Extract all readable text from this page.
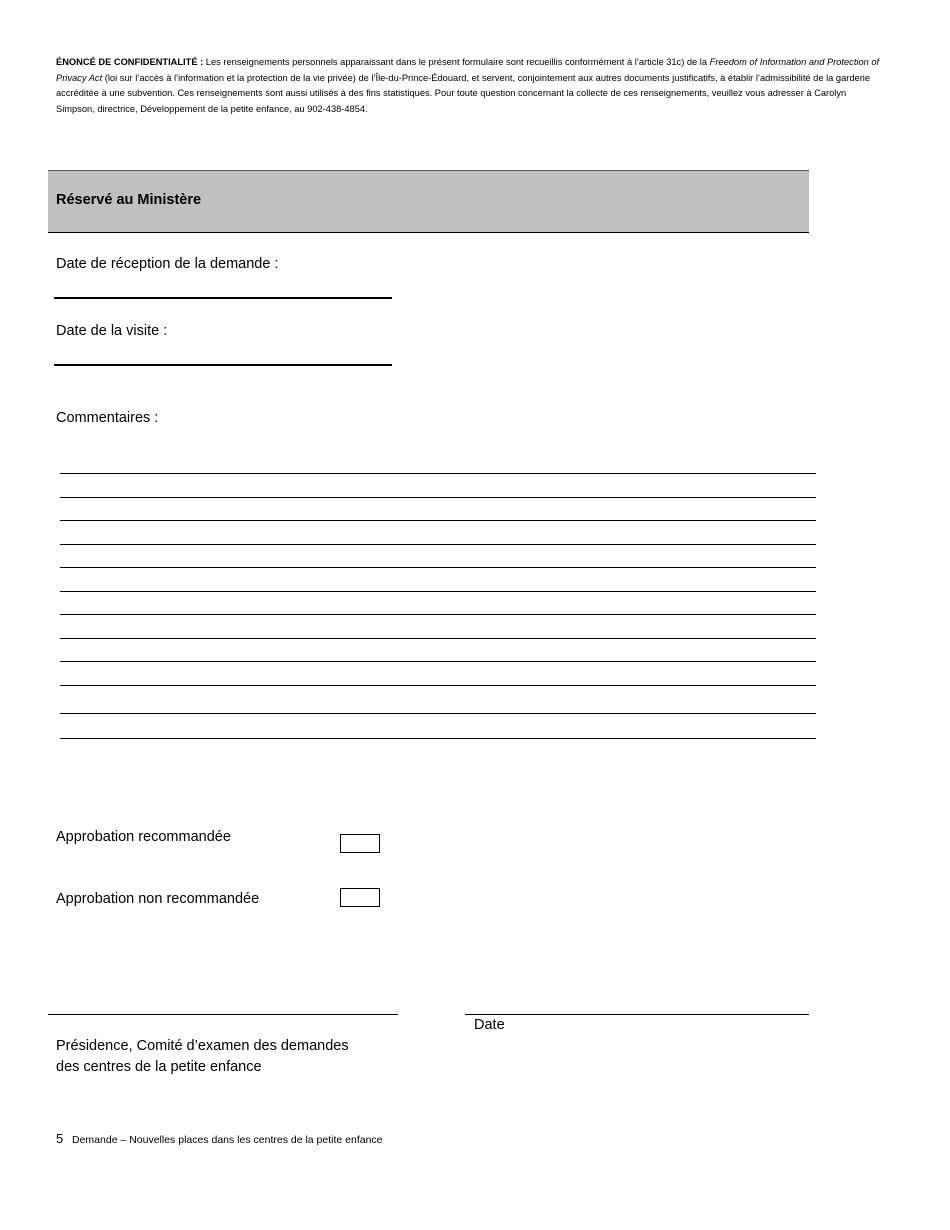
ÉNONCÉ DE CONFIDENTIALITÉ : Les renseignements personnels apparaissant dans le présent formulaire sont recueillis conformément à l’article 31c) de la Freedom of Information and Protection of Privacy Act (loi sur l’accès à l’information et la protection de la vie privée) de l’Île-du-Prince-Édouard, et servent, conjointement aux autres documents justificatifs, à établir l’admissibilité de la garderie accréditée à une subvention. Ces renseignements sont aussi utilisés à des fins statistiques. Pour toute question concernant la collecte de ces renseignements, veuillez vous adresser à Carolyn Simpson, directrice, Développement de la petite enfance, au 902-438-4854.
Réservé au Ministère
Date de réception de la demande :
Date de la visite :
Commentaires :
Approbation recommandée
Approbation non recommandée
Date
Présidence, Comité d’examen des demandes
des centres de la petite enfance
5 Demande – Nouvelles places dans les centres de la petite enfance
